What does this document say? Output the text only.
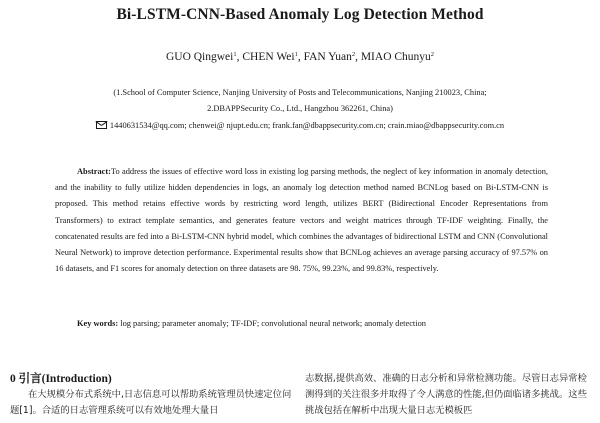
Bi-LSTM-CNN-Based Anomaly Log Detection Method
GUO Qingwei$^1$, CHEN Wei$^1$, FAN Yuan$^2$, MIAO Chunyu$^2$
(1.School of Computer Science, Nanjing University of Posts and Telecommunications, Nanjing 210023, China;
2.DBAPPSecurity Co., Ltd., Hangzhou 362261, China)
1440631534@qq.com; chenwei@ njupt.edu.cn; frank.fan@dbappsecurity.com.cn; crain.miao@dbappsecurity.com.cn
Abstract:To address the issues of effective word loss in existing log parsing methods, the neglect of key information in anomaly detection, and the inability to fully utilize hidden dependencies in logs, an anomaly log detection method named BCNLog based on Bi-LSTM-CNN is proposed. This method retains effective words by restricting word length, utilizes BERT (Bidirectional Encoder Representations from Transformers) to extract template semantics, and generates feature vectors and weight matrices through TF-IDF weighting. Finally, the concatenated results are fed into a Bi-LSTM-CNN hybrid model, which combines the advantages of bidirectional LSTM and CNN (Convolutional Neural Network) to improve detection performance. Experimental results show that BCNLog achieves an average parsing accuracy of 97.57% on 16 datasets, and F1 scores for anomaly detection on three datasets are 98. 75%, 99.23%, and 99.83%, respectively.
Key words: log parsing; parameter anomaly; TF-IDF; convolutional neural network; anomaly detection
0 引言(Introduction)
在大规模分布式系统中,日志信息可以帮助系统管理员快速定位问题[1]。合适的日志管理系统可以有效地处理大量日
志数据,提供高效、准确的日志分析和异常检测功能。尽管日志异常检测得到的关注很多并取得了令人满意的性能,但仍面临诸多挑战。这些挑战包括在解析中出现大量日志无模板匹
